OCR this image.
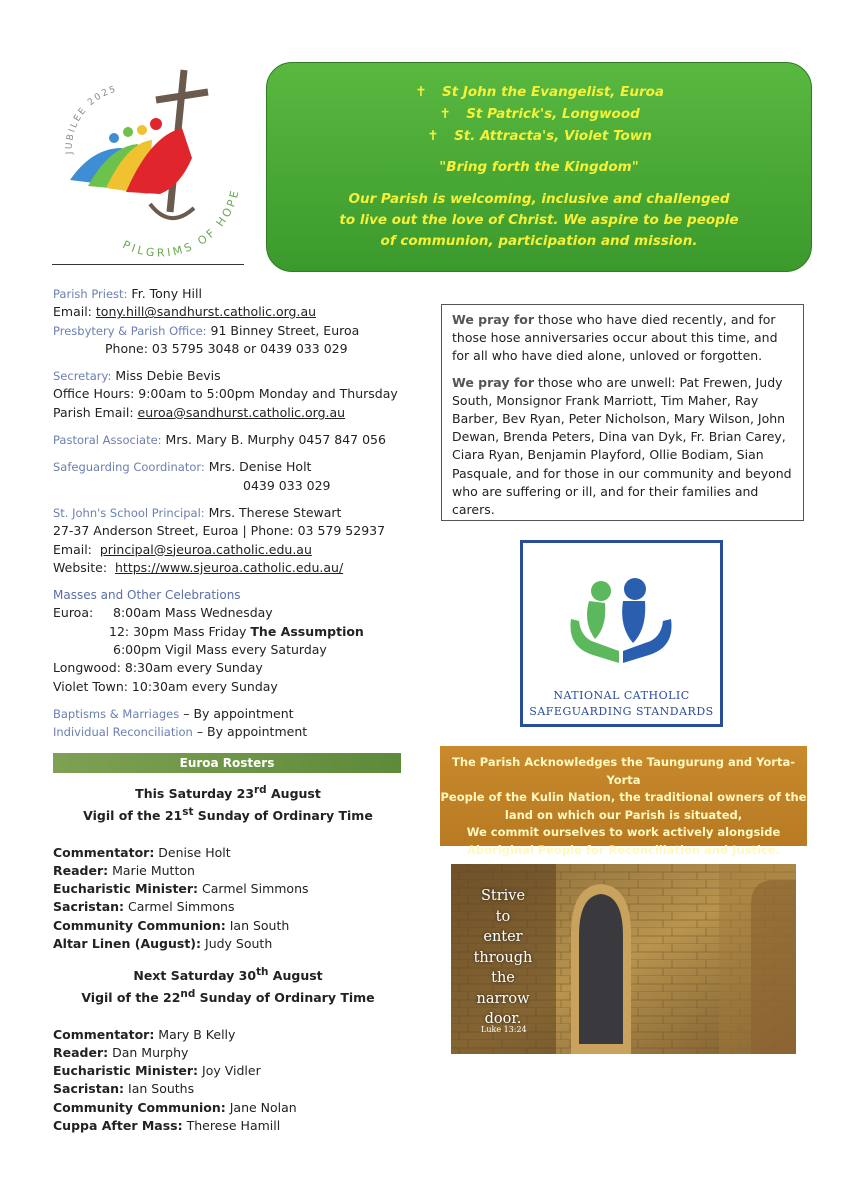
JUBILEE 2025
PILGRIMS OF HOPE
✝ St John the Evangelist, Euroa
✝ St Patrick's, Longwood
✝ St. Attracta's, Violet Town
"Bring forth the Kingdom"
Our Parish is welcoming, inclusive and challenged
to live out the love of Christ. We aspire to be people
of communion, participation and mission.
Parish Priest: Fr. Tony Hill
Email: tony.hill@sandhurst.catholic.org.au
Presbytery & Parish Office: 91 Binney Street, Euroa
Phone: 03 5795 3048 or 0439 033 029
Secretary: Miss Debie Bevis
Office Hours: 9:00am to 5:00pm Monday and Thursday
Parish Email: euroa@sandhurst.catholic.org.au
Pastoral Associate: Mrs. Mary B. Murphy 0457 847 056
Safeguarding Coordinator: Mrs. Denise Holt
0439 033 029
St. John's School Principal: Mrs. Therese Stewart
27-37 Anderson Street, Euroa | Phone: 03 579 52937
Email: principal@sjeuroa.catholic.edu.au
Website: https://www.sjeuroa.catholic.edu.au/
Masses and Other Celebrations
Euroa:	8:00am Mass Wednesday
12: 30pm Mass Friday The Assumption
6:00pm Vigil Mass every Saturday
Longwood: 8:30am every Sunday
Violet Town: 10:30am every Sunday
Baptisms & Marriages – By appointment
Individual Reconciliation – By appointment
Euroa Rosters
This Saturday 23rd August
Vigil of the 21st Sunday of Ordinary Time
Commentator: Denise Holt
Reader: Marie Mutton
Eucharistic Minister: Carmel Simmons
Sacristan: Carmel Simmons
Community Communion: Ian South
Altar Linen (August): Judy South
Next Saturday 30th August
Vigil of the 22nd Sunday of Ordinary Time
Commentator: Mary B Kelly
Reader: Dan Murphy
Eucharistic Minister: Joy Vidler
Sacristan: Ian Souths
Community Communion: Jane Nolan
Cuppa After Mass: Therese Hamill

We pray for those who have died recently, and for those hose anniversaries occur about this time, and for all who have died alone, unloved or forgotten.

We pray for those who are unwell: Pat Frewen, Judy South, Monsignor Frank Marriott, Tim Maher, Ray Barber, Bev Ryan, Peter Nicholson, Mary Wilson, John Dewan, Brenda Peters, Dina van Dyk, Fr. Brian Carey, Ciara Ryan, Benjamin Playford, Ollie Bodiam, Sian Pasquale, and for those in our community and beyond who are suffering or ill, and for their families and carers.

NATIONAL CATHOLIC
SAFEGUARDING STANDARDS
The Parish Acknowledges the Taungurung and Yorta-Yorta
People of the Kulin Nation, the traditional owners of the
land on which our Parish is situated,
We commit ourselves to work actively alongside
Aboriginal People for Reconciliation and Justice.
Strive
to
enter
through
the
narrow
door.
Luke 13:24
